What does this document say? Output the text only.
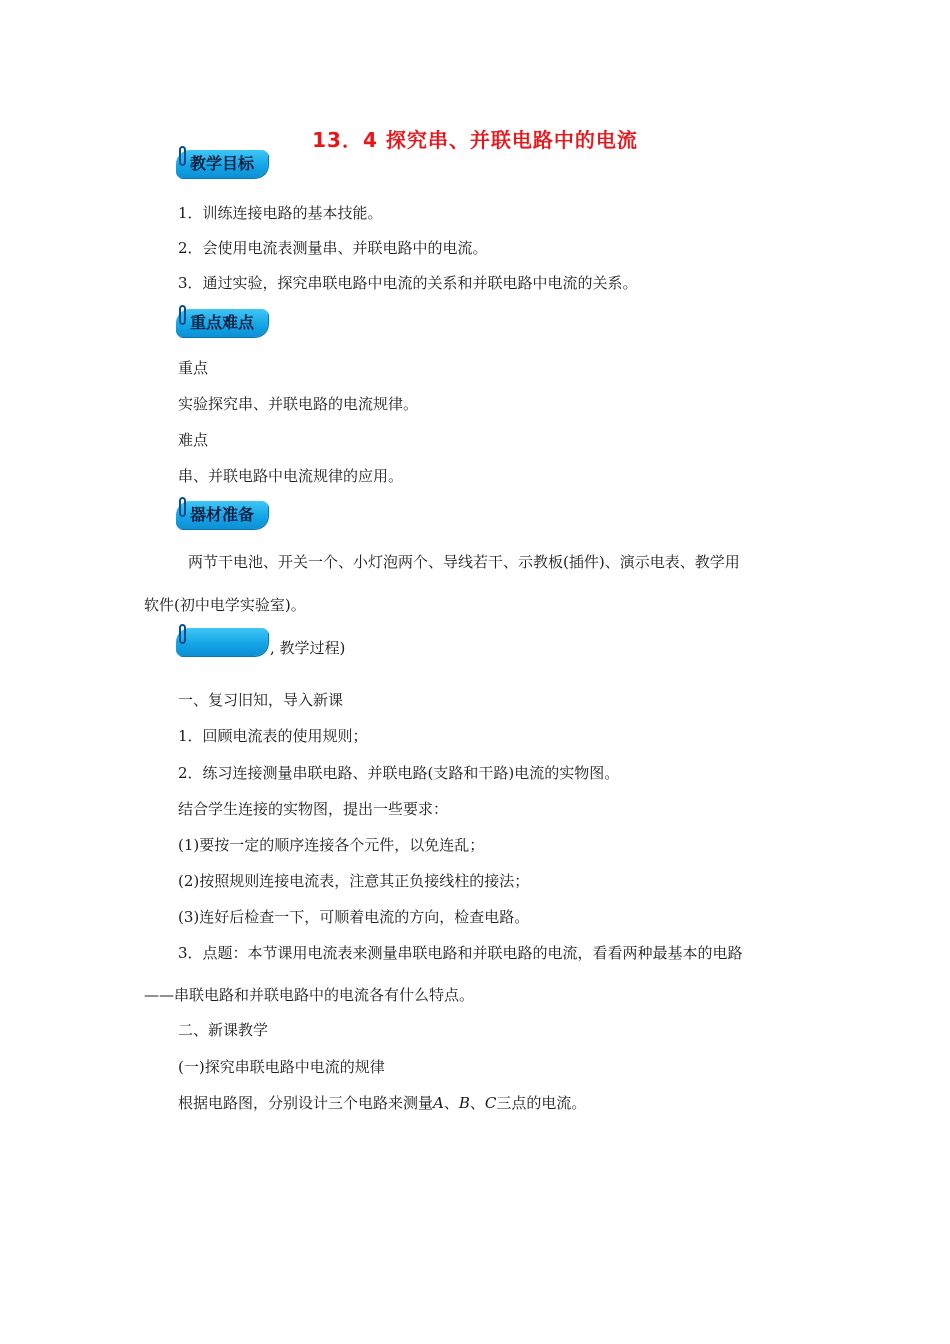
13．4 探究串、并联电路中的电流
教学目标
1．训练连接电路的基本技能。
2．会使用电流表测量串、并联电路中的电流。
3．通过实验，探究串联电路中电流的关系和并联电路中电流的关系。
重点难点
重点
实验探究串、并联电路的电流规律。
难点
串、并联电路中电流规律的应用。
器材准备
两节干电池、开关一个、小灯泡两个、导线若干、示教板(插件)、演示电表、教学用
软件(初中电学实验室)。
, 教学过程)
一、复习旧知，导入新课
1．回顾电流表的使用规则；
2．练习连接测量串联电路、并联电路(支路和干路)电流的实物图。
结合学生连接的实物图，提出一些要求：
(1)要按一定的顺序连接各个元件，以免连乱；
(2)按照规则连接电流表，注意其正负接线柱的接法；
(3)连好后检查一下，可顺着电流的方向，检查电路。
3．点题：本节课用电流表来测量串联电路和并联电路的电流，看看两种最基本的电路
——串联电路和并联电路中的电流各有什么特点。
二、新课教学
(一)探究串联电路中电流的规律
根据电路图，分别设计三个电路来测量A、B、C三点的电流。
